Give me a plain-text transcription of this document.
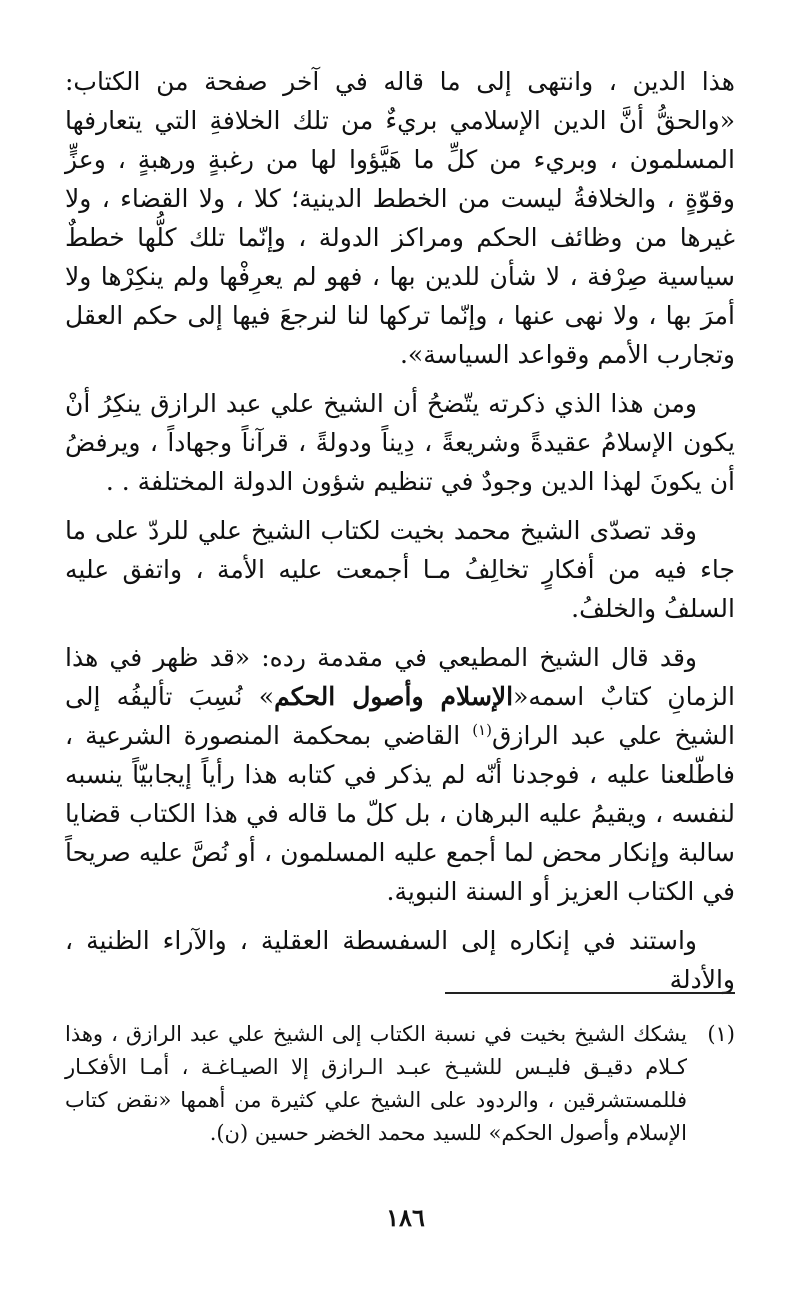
هذا الدين ، وانتهى إلى ما قاله في آخر صفحة من الكتاب: «والحقُّ أنَّ الدين الإسلامي بريءٌ من تلك الخلافةِ التي يتعارفها المسلمون ، وبريء من كلِّ ما هَيَّؤوا لها من رغبةٍ ورهبةٍ ، وعزٍّ وقوّةٍ ، والخلافةُ ليست من الخطط الدينية؛ كلا ، ولا القضاء ، ولا غيرها من وظائف الحكم ومراكز الدولة ، وإنّما تلك كلُّها خططٌ سياسية صِرْفة ، لا شأن للدين بها ، فهو لم يعرِفْها ولم ينكِرْها ولا أمرَ بها ، ولا نهى عنها ، وإنّما تركها لنا لنرجعَ فيها إلى حكم العقل وتجارب الأمم وقواعد السياسة».

ومن هذا الذي ذكرته يتّضحُ أن الشيخ علي عبد الرازق ينكِرُ أنْ يكون الإسلامُ عقيدةً وشريعةً ، دِيناً ودولةً ، قرآناً وجهاداً ، ويرفضُ أن يكونَ لهذا الدين وجودٌ في تنظيم شؤون الدولة المختلفة . .

وقد تصدّى الشيخ محمد بخيت لكتاب الشيخ علي للردّ على ما جاء فيه من أفكارٍ تخالِفُ مـا أجمعت عليه الأمة ، واتفق عليه السلفُ والخلفُ.

وقد قال الشيخ المطيعي في مقدمة رده: «قد ظهر في هذا الزمانِ كتابٌ اسمه«الإسلام وأصول الحكم» نُسِبَ تأليفُه إلى الشيخ علي عبد الرازق$^{(١)}$ القاضي بمحكمة المنصورة الشرعية ، فاطّلعنا عليه ، فوجدنا أنّه لم يذكر في كتابه هذا رأياً إيجابيّاً ينسبه لنفسه ، ويقيمُ عليه البرهان ، بل كلّ ما قاله في هذا الكتاب قضايا سالبة وإنكار محض لما أجمع عليه المسلمون ، أو نُصَّ عليه صريحاً في الكتاب العزيز أو السنة النبوية.

واستند في إنكاره إلى السفسطة العقلية ، والآراء الظنية ، والأدلة

(١)
يشكك الشيخ بخيت في نسبة الكتاب إلى الشيخ علي عبد الرازق ، وهذا كـلام دقيـق فليـس للشيـخ عبـد الـرازق إلا الصيـاغـة ، أمـا الأفكـار فللمستشرقين ، والردود على الشيخ علي كثيرة من أهمها «نقض كتاب الإسلام وأصول الحكم» للسيد محمد الخضر حسين (ن).
١٨٦
